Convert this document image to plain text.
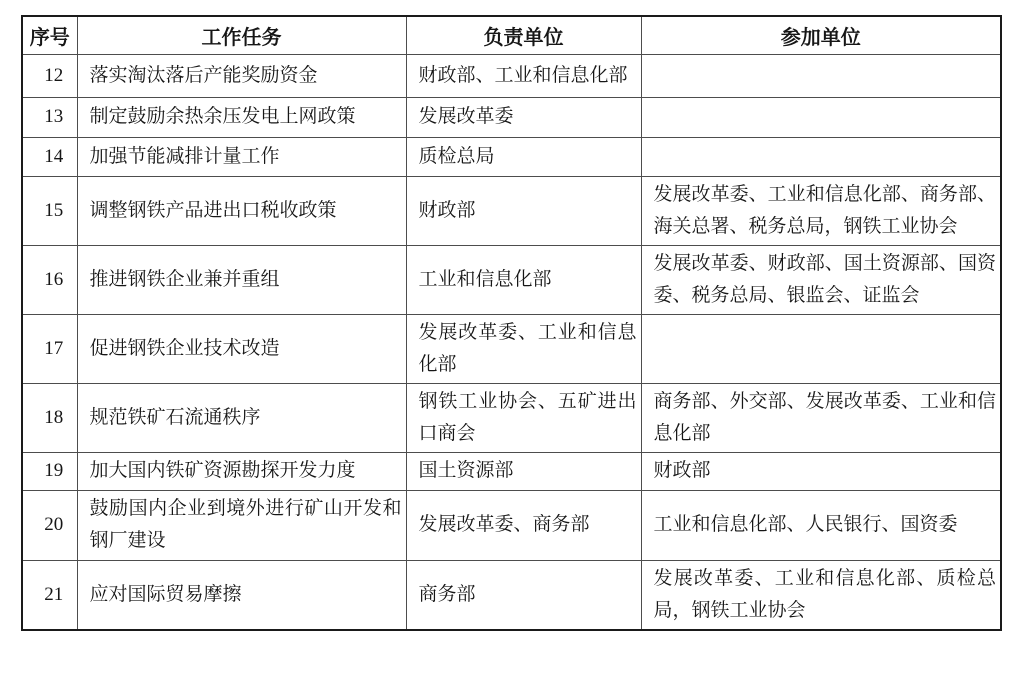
序号	工作任务	负责单位	参加单位
12	落实淘汰落后产能奖励资金	财政部、工业和信息化部	
13	制定鼓励余热余压发电上网政策	发展改革委	
14	加强节能减排计量工作	质检总局	
15	调整钢铁产品进出口税收政策	财政部	发展改革委、工业和信息化部、商务部、海关总署、税务总局，钢铁工业协会
16	推进钢铁企业兼并重组	工业和信息化部	发展改革委、财政部、国土资源部、国资委、税务总局、银监会、证监会
17	促进钢铁企业技术改造	发展改革委、工业和信息化部	
18	规范铁矿石流通秩序	钢铁工业协会、五矿进出口商会	商务部、外交部、发展改革委、工业和信息化部
19	加大国内铁矿资源勘探开发力度	国土资源部	财政部
20	鼓励国内企业到境外进行矿山开发和钢厂建设	发展改革委、商务部	工业和信息化部、人民银行、国资委
21	应对国际贸易摩擦	商务部	发展改革委、工业和信息化部、质检总局，钢铁工业协会
